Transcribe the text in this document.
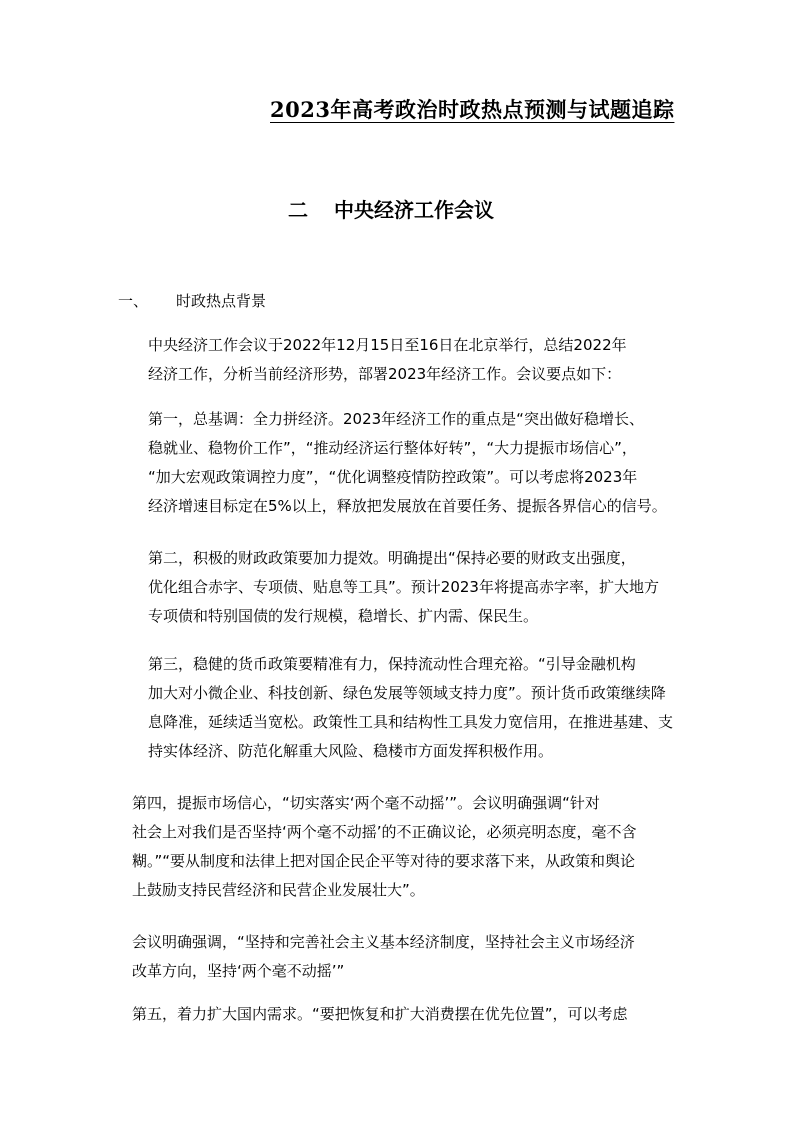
2023年高考政治时政热点预测与试题追踪
二 中央经济工作会议
一、 时政热点背景
中央经济工作会议于2022年12月15日至16日在北京举行，总结2022年
经济工作，分析当前经济形势，部署2023年经济工作。会议要点如下：
第一，总基调：全力拼经济。2023年经济工作的重点是“突出做好稳增长、
稳就业、稳物价工作”，“推动经济运行整体好转”，“大力提振市场信心”，
“加大宏观政策调控力度”，“优化调整疫情防控政策”。可以考虑将2023年
经济增速目标定在5%以上，释放把发展放在首要任务、提振各界信心的信号。
第二，积极的财政政策要加力提效。明确提出“保持必要的财政支出强度，
优化组合赤字、专项债、贴息等工具”。预计2023年将提高赤字率，扩大地方
专项债和特别国债的发行规模，稳增长、扩内需、保民生。
第三，稳健的货币政策要精准有力，保持流动性合理充裕。“引导金融机构
加大对小微企业、科技创新、绿色发展等领域支持力度”。预计货币政策继续降
息降准，延续适当宽松。政策性工具和结构性工具发力宽信用，在推进基建、支
持实体经济、防范化解重大风险、稳楼市方面发挥积极作用。
第四，提振市场信心，“切实落实‘两个毫不动摇’”。会议明确强调“针对
社会上对我们是否坚持‘两个毫不动摇’的不正确议论，必须亮明态度，毫不含
糊。”“要从制度和法律上把对国企民企平等对待的要求落下来，从政策和舆论
上鼓励支持民营经济和民营企业发展壮大”。
会议明确强调，“坚持和完善社会主义基本经济制度，坚持社会主义市场经济
改革方向，坚持‘两个毫不动摇’”
第五，着力扩大国内需求。“要把恢复和扩大消费摆在优先位置”，可以考虑
